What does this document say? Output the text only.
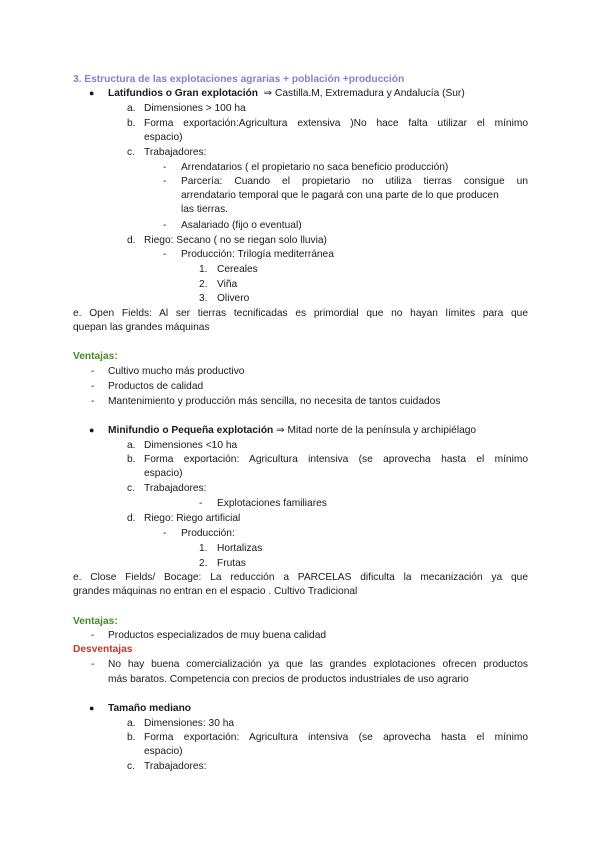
3. Estructura de las explotaciones agrarias + población +producción
● Latifundios o Gran explotación ⇒ Castilla.M, Extremadura y Andalucía (Sur)
a. Dimensiones > 100 ha
b. Forma exportación:Agricultura extensiva )No hace falta utilizar el mínimo
espacio)
c. Trabajadores:
- Arrendatarios ( el propietario no saca beneficio producción)
- Parcería: Cuando el propietario no utiliza tierras consigue un
arrendatario temporal que le pagará con una parte de lo que producen
las tierras.
- Asalariado (fijo o eventual)
d. Riego: Secano ( no se riegan solo lluvia)
- Producción: Trilogía mediterránea
1. Cereales
2. Viña
3. Olivero
e. Open Fields: Al ser tierras tecnificadas es primordial que no hayan límites para que
quepan las grandes máquinas
Ventajas:
- Cultivo mucho más productivo
- Productos de calidad
- Mantenimiento y producción más sencilla, no necesita de tantos cuidados
● Minifundio o Pequeña explotación ⇒ Mitad norte de la península y archipiélago
a. Dimensiones <10 ha
b. Forma exportación: Agricultura intensiva (se aprovecha hasta el mínimo
espacio)
c. Trabajadores:
- Explotaciones familiares
d. Riego: Riego artificial
- Producción:
1. Hortalizas
2. Frutas
e. Close Fields/ Bocage: La reducción a PARCELAS dificulta la mecanización ya que
grandes máquinas no entran en el espacio . Cultivo Tradicional
Ventajas:
- Productos especializados de muy buena calidad
Desventajas
- No hay buena comercialización ya que las grandes explotaciones ofrecen productos
más baratos. Competencia con precios de productos industriales de uso agrario
● Tamaño mediano
a. Dimensiones: 30 ha
b. Forma exportación: Agricultura intensiva (se aprovecha hasta el mínimo
espacio)
c. Trabajadores:
